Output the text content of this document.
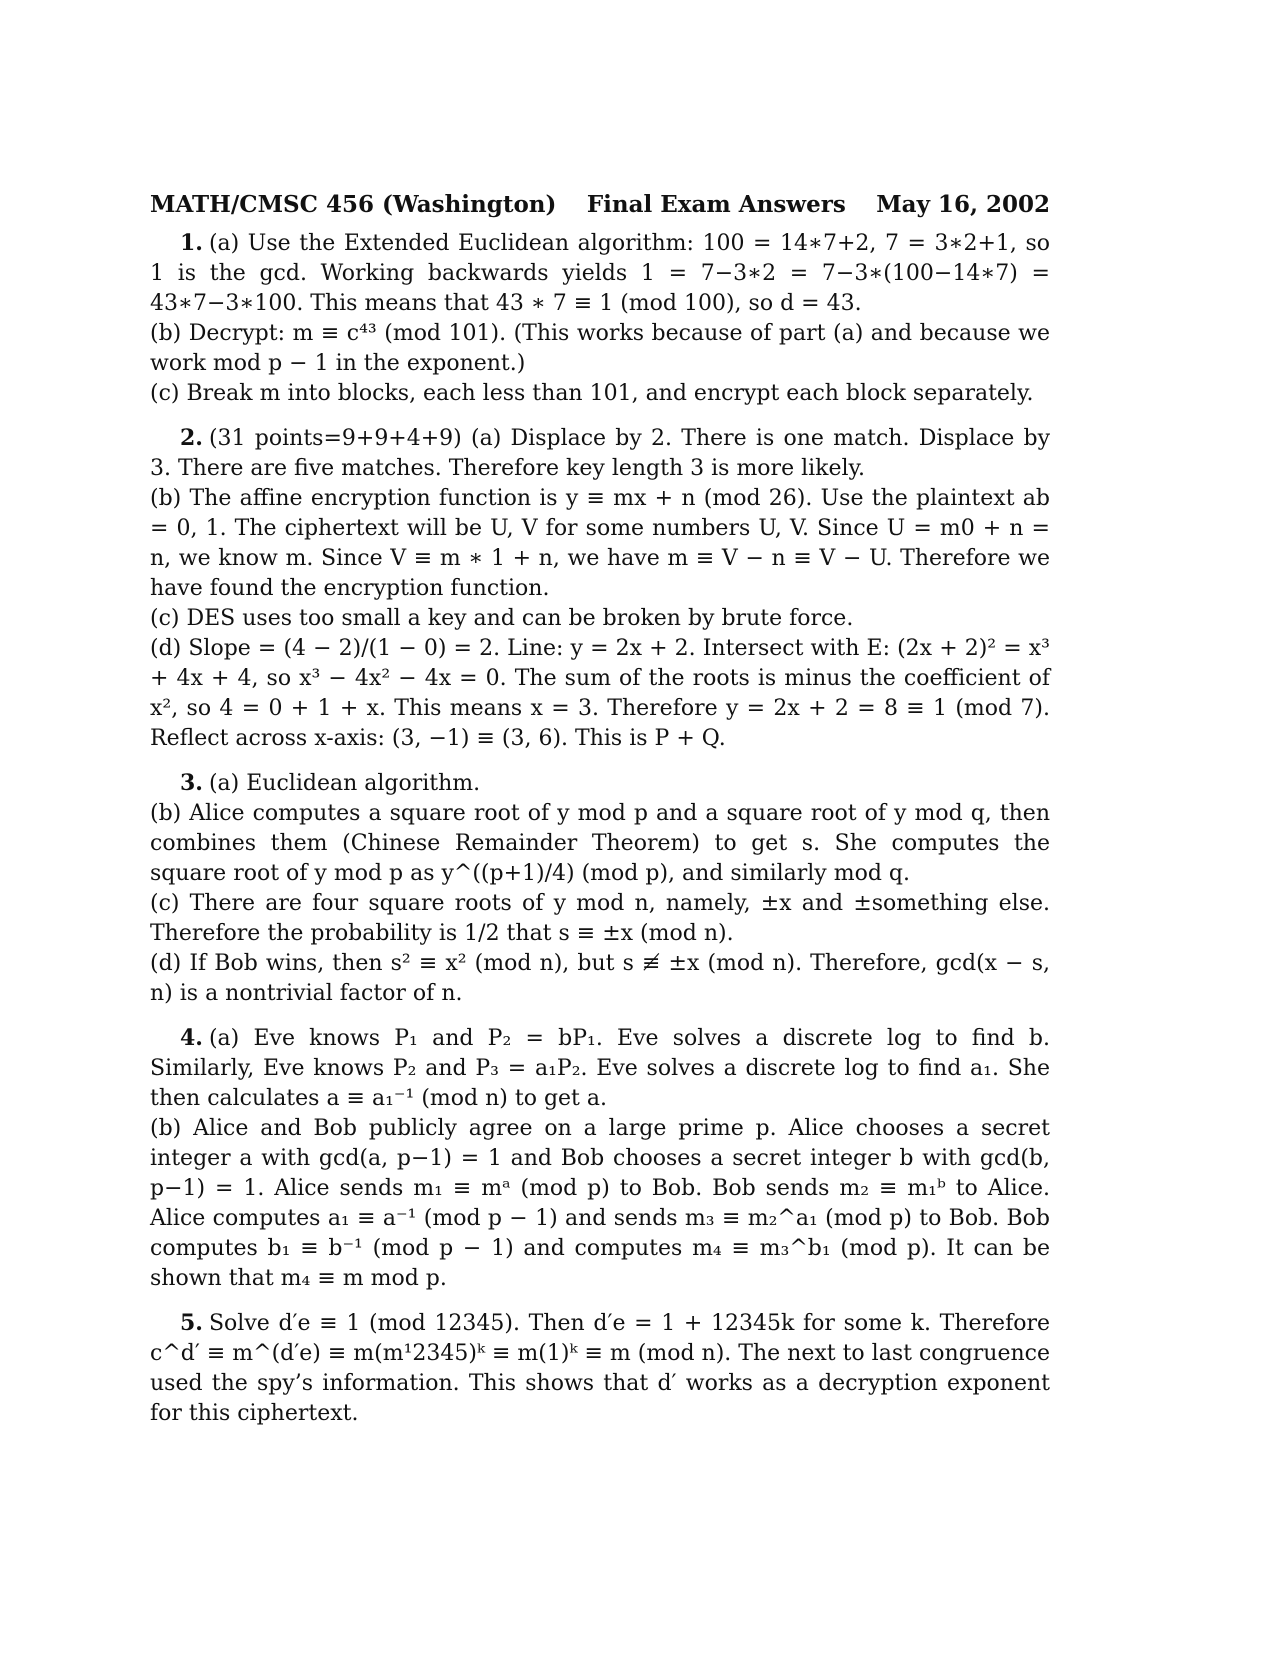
MATH/CMSC 456 (Washington) Final Exam Answers May 16, 2002

1. (a) Use the Extended Euclidean algorithm: 100 = 14∗7+2, 7 = 3∗2+1, so 1 is the gcd. Working backwards yields 1 = 7−3∗2 = 7−3∗(100−14∗7) = 43∗7−3∗100. This means that 43 ∗ 7 ≡ 1 (mod 100), so d = 43.

(b) Decrypt: m ≡ c⁴³ (mod 101). (This works because of part (a) and because we work mod p − 1 in the exponent.)

(c) Break m into blocks, each less than 101, and encrypt each block separately.

2. (31 points=9+9+4+9) (a) Displace by 2. There is one match. Displace by 3. There are five matches. Therefore key length 3 is more likely.

(b) The affine encryption function is y ≡ mx + n (mod 26). Use the plaintext ab = 0, 1. The ciphertext will be U, V for some numbers U, V. Since U = m0 + n = n, we know m. Since V ≡ m ∗ 1 + n, we have m ≡ V − n ≡ V − U. Therefore we have found the encryption function.

(c) DES uses too small a key and can be broken by brute force.

(d) Slope = (4 − 2)/(1 − 0) = 2. Line: y = 2x + 2. Intersect with E: (2x + 2)² = x³ + 4x + 4, so x³ − 4x² − 4x = 0. The sum of the roots is minus the coefficient of x², so 4 = 0 + 1 + x. This means x = 3. Therefore y = 2x + 2 = 8 ≡ 1 (mod 7). Reflect across x-axis: (3, −1) ≡ (3, 6). This is P + Q.

3. (a) Euclidean algorithm.

(b) Alice computes a square root of y mod p and a square root of y mod q, then combines them (Chinese Remainder Theorem) to get s. She computes the square root of y mod p as y^((p+1)/4) (mod p), and similarly mod q.

(c) There are four square roots of y mod n, namely, ±x and ±something else. Therefore the probability is 1/2 that s ≡ ±x (mod n).

(d) If Bob wins, then s² ≡ x² (mod n), but s ≢ ±x (mod n). Therefore, gcd(x − s, n) is a nontrivial factor of n.

4. (a) Eve knows P₁ and P₂ = bP₁. Eve solves a discrete log to find b. Similarly, Eve knows P₂ and P₃ = a₁P₂. Eve solves a discrete log to find a₁. She then calculates a ≡ a₁⁻¹ (mod n) to get a.

(b) Alice and Bob publicly agree on a large prime p. Alice chooses a secret integer a with gcd(a, p−1) = 1 and Bob chooses a secret integer b with gcd(b, p−1) = 1. Alice sends m₁ ≡ mᵃ (mod p) to Bob. Bob sends m₂ ≡ m₁ᵇ to Alice. Alice computes a₁ ≡ a⁻¹ (mod p − 1) and sends m₃ ≡ m₂^a₁ (mod p) to Bob. Bob computes b₁ ≡ b⁻¹ (mod p − 1) and computes m₄ ≡ m₃^b₁ (mod p). It can be shown that m₄ ≡ m mod p.

5. Solve d′e ≡ 1 (mod 12345). Then d′e = 1 + 12345k for some k. Therefore c^d′ ≡ m^(d′e) ≡ m(m¹2345)ᵏ ≡ m(1)ᵏ ≡ m (mod n). The next to last congruence used the spy’s information. This shows that d′ works as a decryption exponent for this ciphertext.
